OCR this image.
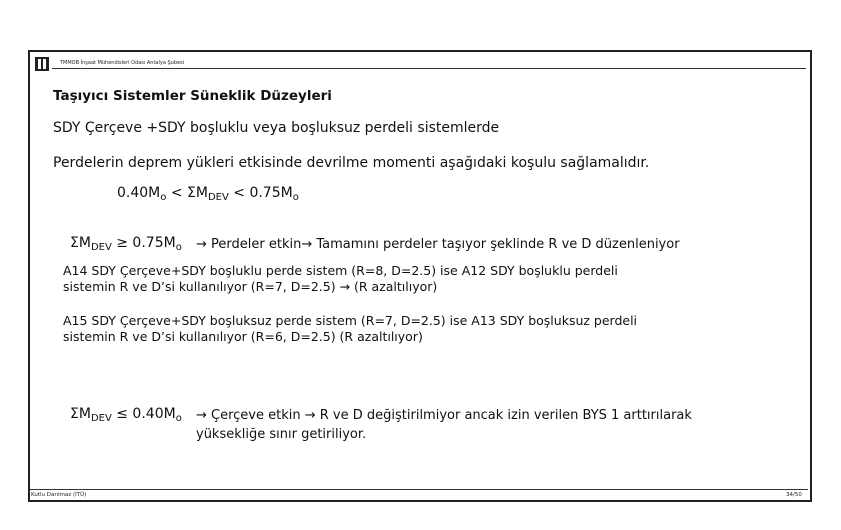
TMMOB İnşaat Mühendisleri Odası Antalya Şubesi
Taşıyıcı Sistemler Süneklik Düzeyleri
SDY Çerçeve +SDY boşluklu veya boşluksuz perdeli sistemlerde
Perdelerin deprem yükleri etkisinde devrilme momenti aşağıdaki koşulu sağlamalıdır.
$0.40M_o < \Sigma M_{DEV} < 0.75M_o$
$\Sigma M_{DEV} \ge 0.75M_o$ → Perdeler etkin→ Tamamını perdeler taşıyor şeklinde R ve D düzenleniyor
A14 SDY Çerçeve+SDY boşluklu perde sistem (R=8, D=2.5) ise A12 SDY boşluklu perdeli
sistemin R ve D’si kullanılıyor (R=7, D=2.5) → (R azaltılıyor)
A15 SDY Çerçeve+SDY boşluksuz perde sistem (R=7, D=2.5) ise A13 SDY boşluksuz perdeli
sistemin R ve D’si kullanılıyor (R=6, D=2.5) (R azaltılıyor)
$\Sigma M_{DEV} \le 0.40M_o$ → Çerçeve etkin → R ve D değiştirilmiyor ancak izin verilen BYS 1 arttırılarak
yüksekliğe sınır getiriliyor.
Kutlu Darılmaz (İTÜ)	34/50
